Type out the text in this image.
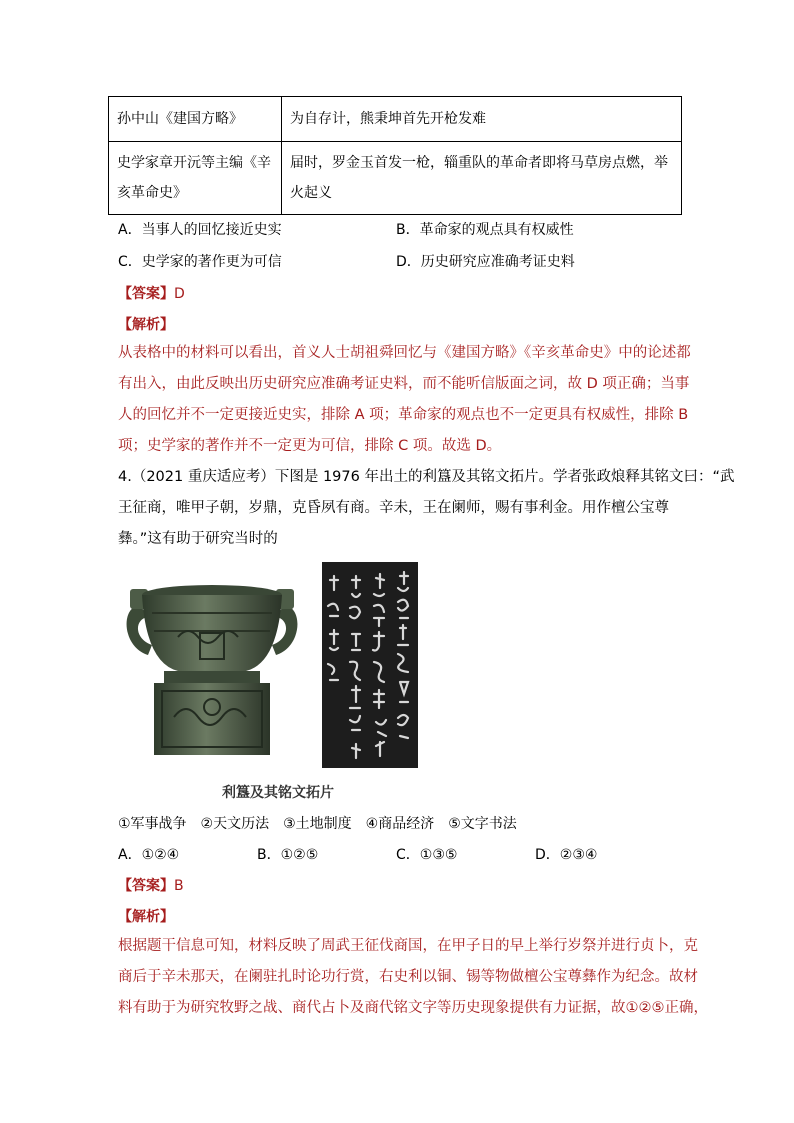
孙中山《建国方略》	为自存计，熊秉坤首先开枪发难
史学家章开沅等主编《辛亥革命史》	届时，罗金玉首发一枪，辎重队的革命者即将马草房点燃，举火起义
A．当事人的回忆接近史实	B．革命家的观点具有权威性
C．史学家的著作更为可信	D．历史研究应准确考证史料
【答案】D
【解析】
从表格中的材料可以看出，首义人士胡祖舜回忆与《建国方略》《辛亥革命史》中的论述都
有出入，由此反映出历史研究应准确考证史料，而不能听信版面之词，故 D 项正确；当事
人的回忆并不一定更接近史实，排除 A 项；革命家的观点也不一定更具有权威性，排除 B
项；史学家的著作并不一定更为可信，排除 C 项。故选 D。
4.（2021 重庆适应考）下图是 1976 年出土的利簋及其铭文拓片。学者张政烺释其铭文曰：“武
王征商，唯甲子朝，岁鼎，克昏夙有商。辛未，王在阑师，赐有事利金。用作檀公宝尊
彝。”这有助于研究当时的
利簋及其铭文拓片
①军事战争　②天文历法　③土地制度　④商品经济　⑤文字书法
A．①②④	B．①②⑤	C．①③⑤	D．②③④
【答案】B
【解析】
根据题干信息可知，材料反映了周武王征伐商国，在甲子日的早上举行岁祭并进行贞卜，克
商后于辛未那天，在阑驻扎时论功行赏，右史利以铜、锡等物做檀公宝尊彝作为纪念。故材
料有助于为研究牧野之战、商代占卜及商代铭文字等历史现象提供有力证据，故①②⑤正确，
